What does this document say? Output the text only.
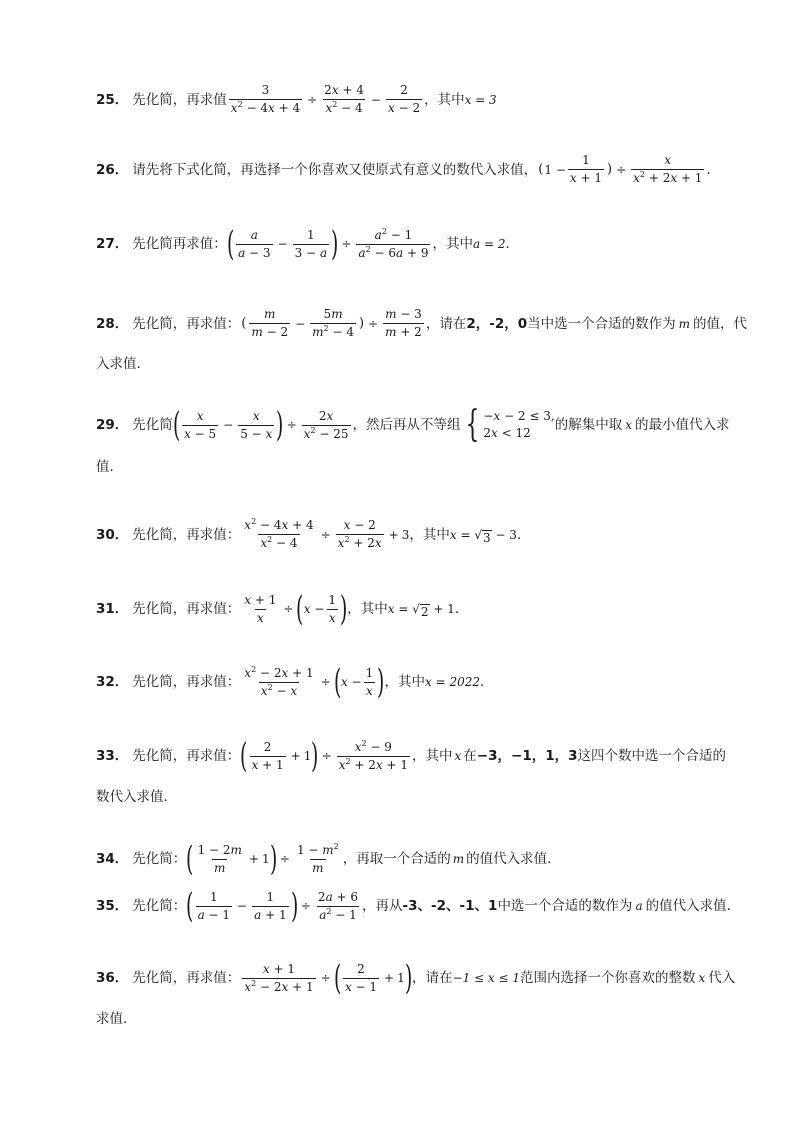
25． 先化简，再求值 $\frac{3}{x^2 - 4x + 4} \div \frac{2x + 4}{x^2 - 4} - \frac{2}{x - 2}$ ，其中 x = 3
26． 请先将下式化简，再选择一个你喜欢又使原式有意义的数代入求值， ( $1 - \frac{1}{x + 1}$ ) ÷ $\frac{x}{x^2 + 2x + 1}$ ．
27． 先化简再求值： ( $\frac{a}{a - 3} - \frac{1}{3 - a}$ ) ÷ $\frac{a^2 - 1}{a^2 - 6a + 9}$ ，其中 a = 2 ．
28． 先化简，再求值： ( $\frac{m}{m - 2} - \frac{5m}{m^2 - 4}$ ) ÷ $\frac{m - 3}{m + 2}$ ，请在 2，-2，0 当中选一个合适的数作为 m 的值，代
入求值．
29． 先化简 ( $\frac{x}{x - 5} - \frac{x}{5 - x}$ ) ÷ $\frac{2x}{x^2 - 25}$ ，然后再从不等组 { −x − 2 ≤ 3,
2x < 12	的解集中取 x 的最小值代入求
值．
30． 先化简，再求值： $\frac{x^2 - 4x + 4}{x^2 - 4} \div \frac{x - 2}{x^2 + 2x} + 3$ ，其中 x = √ 3 − 3 ．
31． 先化简，再求值： $\frac{x + 1}{x}$ ÷ ( $x - \frac{1}{x}$ ) ，其中 x = √ 2 + 1 ．
32． 先化简，再求值： $\frac{x^2 - 2x + 1}{x^2 - x}$ ÷ ( $x - \frac{1}{x}$ ) ，其中 x = 2022 ．
33． 先化简，再求值： ( $\frac{2}{x + 1} + 1$ ) ÷ $\frac{x^2 - 9}{x^2 + 2x + 1}$ ，其中 x 在 −3，−1，1，3 这四个数中选一个合适的
数代入求值．
34． 先化简： ( $\frac{1 - 2m}{m} + 1$ ) ÷ $\frac{1 - m^2}{m}$ ，再取一个合适的 m 的值代入求值．
35． 先化简： ( $\frac{1}{a - 1} - \frac{1}{a + 1}$ ) ÷ $\frac{2a + 6}{a^2 - 1}$ ，再从 -3、-2、-1、1 中选一个合适的数作为 a 的值代入求值．
36． 先化简，再求值： $\frac{x + 1}{x^2 - 2x + 1}$ ÷ ( $\frac{2}{x - 1} + 1$ ) ，请在 −1 ≤ x ≤ 1 范围内选择一个你喜欢的整数 x 代入
求值．
